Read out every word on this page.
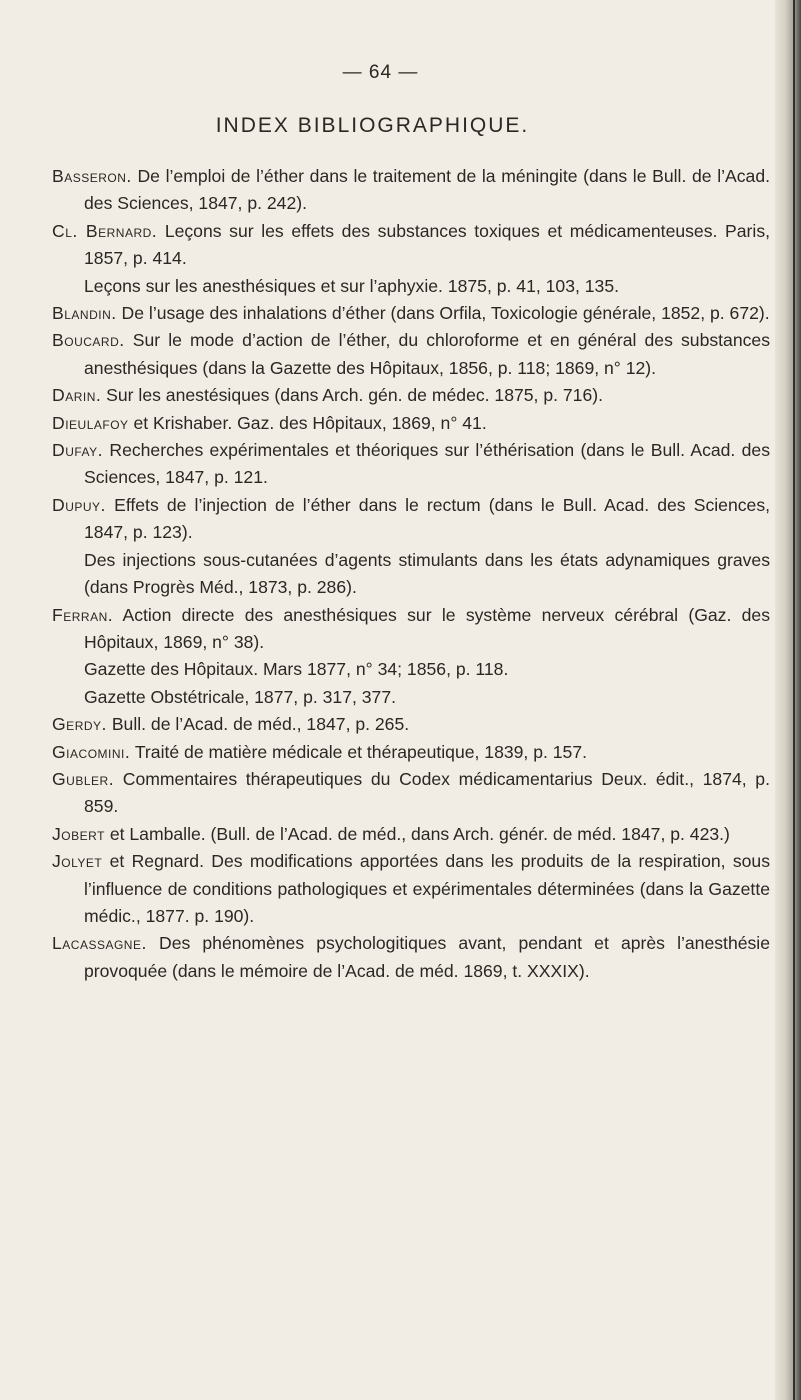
— 64 —
INDEX BIBLIOGRAPHIQUE.

Basseron. De l’emploi de l’éther dans le traitement de la méningite (dans le Bull. de l’Acad. des Sciences, 1847, p. 242).

Cl. Bernard. Leçons sur les effets des substances toxiques et médicamenteuses. Paris, 1857, p. 414.

Leçons sur les anesthésiques et sur l’aphyxie. 1875, p. 41, 103, 135.

Blandin. De l’usage des inhalations d’éther (dans Orfila, Toxicologie générale, 1852, p. 672).

Boucard. Sur le mode d’action de l’éther, du chloroforme et en général des substances anesthésiques (dans la Gazette des Hôpitaux, 1856, p. 118; 1869, n° 12).

Darin. Sur les anestésiques (dans Arch. gén. de médec. 1875, p. 716).

Dieulafoy et Krishaber. Gaz. des Hôpitaux, 1869, n° 41.

Dufay. Recherches expérimentales et théoriques sur l’éthérisation (dans le Bull. Acad. des Sciences, 1847, p. 121.

Dupuy. Effets de l’injection de l’éther dans le rectum (dans le Bull. Acad. des Sciences, 1847, p. 123).

Des injections sous-cutanées d’agents stimulants dans les états adynamiques graves (dans Progrès Méd., 1873, p. 286).

Ferran. Action directe des anesthésiques sur le système nerveux cérébral (Gaz. des Hôpitaux, 1869, n° 38).

Gazette des Hôpitaux. Mars 1877, n° 34; 1856, p. 118.

Gazette Obstétricale, 1877, p. 317, 377.

Gerdy. Bull. de l’Acad. de méd., 1847, p. 265.

Giacomini. Traité de matière médicale et thérapeutique, 1839, p. 157.

Gubler. Commentaires thérapeutiques du Codex médicamentarius Deux. édit., 1874, p. 859.

Jobert et Lamballe. (Bull. de l’Acad. de méd., dans Arch. génér. de méd. 1847, p. 423.)

Jolyet et Regnard. Des modifications apportées dans les produits de la respiration, sous l’influence de conditions pathologiques et expérimentales déterminées (dans la Gazette médic., 1877. p. 190).

Lacassagne. Des phénomènes psychologitiques avant, pendant et après l’anesthésie provoquée (dans le mémoire de l’Acad. de méd. 1869, t. XXXIX).
